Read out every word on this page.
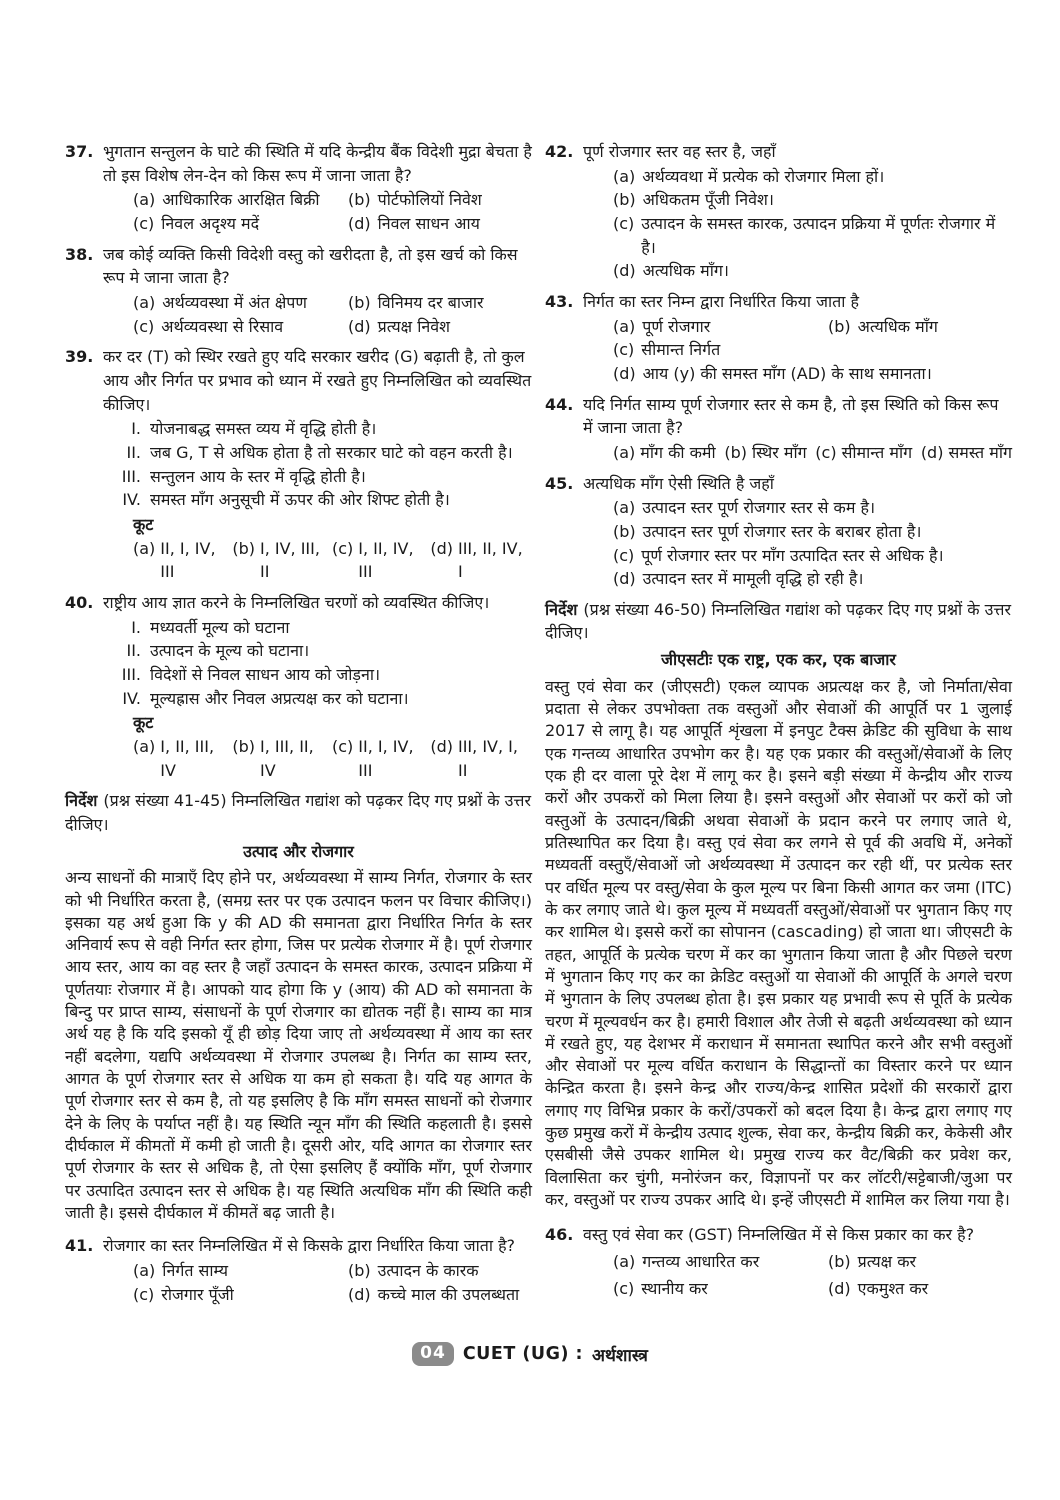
37. भुगतान सन्तुलन के घाटे की स्थिति में यदि केन्द्रीय बैंक विदेशी मुद्रा बेचता है तो इस विशेष लेन-देन को किस रूप में जाना जाता है?
(a) आधिकारिक आरक्षित बिक्री (b) पोर्टफोलियों निवेश
(c) निवल अदृश्य मदें	(d) निवल साधन आय
38. जब कोई व्यक्ति किसी विदेशी वस्तु को खरीदता है, तो इस खर्च को किस रूप मे जाना जाता है?
(a) अर्थव्यवस्था में अंत क्षेपण	(b) विनिमय दर बाजार
(c) अर्थव्यवस्था से रिसाव	(d) प्रत्यक्ष निवेश
39. कर दर (T) को स्थिर रखते हुए यदि सरकार खरीद (G) बढ़ाती है, तो कुल आय और निर्गत पर प्रभाव को ध्यान में रखते हुए निम्नलिखित को व्यवस्थित कीजिए।
I. योजनाबद्ध समस्त व्यय में वृद्धि होती है।
II. जब G, T से अधिक होता है तो सरकार घाटे को वहन करती है।
III. सन्तुलन आय के स्तर में वृद्धि होती है।
IV. समस्त माँग अनुसूची में ऊपर की ओर शिफ्ट होती है।
कूट
(a) II, I, IV, III
(b) I, IV, III, II
(c) I, II, IV, III
(d) III, II, IV, I
40. राष्ट्रीय आय ज्ञात करने के निम्नलिखित चरणों को व्यवस्थित कीजिए।
I. मध्यवर्ती मूल्य को घटाना
II. उत्पादन के मूल्य को घटाना।
III. विदेशों से निवल साधन आय को जोड़ना।
IV. मूल्यह्रास और निवल अप्रत्यक्ष कर को घटाना।
कूट
(a) I, II, III, IV
(b) I, III, II, IV
(c) II, I, IV, III
(d) III, IV, I, II

निर्देश (प्रश्न संख्या 41-45) निम्नलिखित गद्यांश को पढ़कर दिए गए प्रश्नों के उत्तर दीजिए।

उत्पाद और रोजगार
अन्य साधनों की मात्राएँ दिए होने पर, अर्थव्यवस्था में साम्य निर्गत, रोजगार के स्तर को भी निर्धारित करता है, (समग्र स्तर पर एक उत्पादन फलन पर विचार कीजिए।) इसका यह अर्थ हुआ कि y की AD की समानता द्वारा निर्धारित निर्गत के स्तर अनिवार्य रूप से वही निर्गत स्तर होगा, जिस पर प्रत्येक रोजगार में है। पूर्ण रोजगार आय स्तर, आय का वह स्तर है जहाँ उत्पादन के समस्त कारक, उत्पादन प्रक्रिया में पूर्णतयाः रोजगार में है। आपको याद होगा कि y (आय) की AD को समानता के बिन्दु पर प्राप्त साम्य, संसाधनों के पूर्ण रोजगार का द्योतक नहीं है। साम्य का मात्र अर्थ यह है कि यदि इसको यूँ ही छोड़ दिया जाए तो अर्थव्यवस्था में आय का स्तर नहीं बदलेगा, यद्यपि अर्थव्यवस्था में रोजगार उपलब्ध है। निर्गत का साम्य स्तर, आगत के पूर्ण रोजगार स्तर से अधिक या कम हो सकता है। यदि यह आगत के पूर्ण रोजगार स्तर से कम है, तो यह इसलिए है कि माँग समस्त साधनों को रोजगार देने के लिए के पर्याप्त नहीं है। यह स्थिति न्यून माँग की स्थिति कहलाती है। इससे दीर्घकाल में कीमतों में कमी हो जाती है। दूसरी ओर, यदि आगत का रोजगार स्तर पूर्ण रोजगार के स्तर से अधिक है, तो ऐसा इसलिए हैं क्योंकि माँग, पूर्ण रोजगार पर उत्पादित उत्पादन स्तर से अधिक है। यह स्थिति अत्यधिक माँग की स्थिति कही जाती है। इससे दीर्घकाल में कीमतें बढ़ जाती है।
41. रोजगार का स्तर निम्नलिखित में से किसके द्वारा निर्धारित किया जाता है?
(a) निर्गत साम्य	(b) उत्पादन के कारक
(c) रोजगार पूँजी	(d) कच्चे माल की उपलब्धता
42. पूर्ण रोजगार स्तर वह स्तर है, जहाँ
(a) अर्थव्यवथा में प्रत्येक को रोजगार मिला हों।
(b) अधिकतम पूँजी निवेश।
(c) उत्पादन के समस्त कारक, उत्पादन प्रक्रिया में पूर्णतः रोजगार में है।
(d) अत्यधिक माँग।
43. निर्गत का स्तर निम्न द्वारा निर्धारित किया जाता है
(a) पूर्ण रोजगार	(b) अत्यधिक माँग
(c) सीमान्त निर्गत
(d) आय (y) की समस्त माँग (AD) के साथ समानता।
44. यदि निर्गत साम्य पूर्ण रोजगार स्तर से कम है, तो इस स्थिति को किस रूप में जाना जाता है?
(a) माँग की कमी (b) स्थिर माँग (c) सीमान्त माँग (d) समस्त माँग
45. अत्यधिक माँग ऐसी स्थिति है जहाँ
(a) उत्पादन स्तर पूर्ण रोजगार स्तर से कम है।
(b) उत्पादन स्तर पूर्ण रोजगार स्तर के बराबर होता है।
(c) पूर्ण रोजगार स्तर पर माँग उत्पादित स्तर से अधिक है।
(d) उत्पादन स्तर में मामूली वृद्धि हो रही है।

निर्देश (प्रश्न संख्या 46-50) निम्नलिखित गद्यांश को पढ़कर दिए गए प्रश्नों के उत्तर दीजिए।

जीएसटीः एक राष्ट्र, एक कर, एक बाजार
वस्तु एवं सेवा कर (जीएसटी) एकल व्यापक अप्रत्यक्ष कर है, जो निर्माता/सेवा प्रदाता से लेकर उपभोक्ता तक वस्तुओं और सेवाओं की आपूर्ति पर 1 जुलाई 2017 से लागू है। यह आपूर्ति शृंखला में इनपुट टैक्स क्रेडिट की सुविधा के साथ एक गन्तव्य आधारित उपभोग कर है। यह एक प्रकार की वस्तुओं/सेवाओं के लिए एक ही दर वाला पूरे देश में लागू कर है। इसने बड़ी संख्या में केन्द्रीय और राज्य करों और उपकरों को मिला लिया है। इसने वस्तुओं और सेवाओं पर करों को जो वस्तुओं के उत्पादन/बिक्री अथवा सेवाओं के प्रदान करने पर लगाए जाते थे, प्रतिस्थापित कर दिया है। वस्तु एवं सेवा कर लगने से पूर्व की अवधि में, अनेकों मध्यवर्ती वस्तुएँ/सेवाओं जो अर्थव्यवस्था में उत्पादन कर रही थीं, पर प्रत्येक स्तर पर वर्धित मूल्य पर वस्तु/सेवा के कुल मूल्य पर बिना किसी आगत कर जमा (ITC) के कर लगाए जाते थे। कुल मूल्य में मध्यवर्ती वस्तुओं/सेवाओं पर भुगतान किए गए कर शामिल थे। इससे करों का सोपानन (cascading) हो जाता था। जीएसटी के तहत, आपूर्ति के प्रत्येक चरण में कर का भुगतान किया जाता है और पिछले चरण में भुगतान किए गए कर का क्रेडिट वस्तुओं या सेवाओं की आपूर्ति के अगले चरण में भुगतान के लिए उपलब्ध होता है। इस प्रकार यह प्रभावी रूप से पूर्ति के प्रत्येक चरण में मूल्यवर्धन कर है। हमारी विशाल और तेजी से बढ़ती अर्थव्यवस्था को ध्यान में रखते हुए, यह देशभर में कराधान में समानता स्थापित करने और सभी वस्तुओं और सेवाओं पर मूल्य वर्धित कराधान के सिद्धान्तों का विस्तार करने पर ध्यान केन्द्रित करता है। इसने केन्द्र और राज्य/केन्द्र शासित प्रदेशों की सरकारों द्वारा लगाए गए विभिन्न प्रकार के करों/उपकरों को बदल दिया है। केन्द्र द्वारा लगाए गए कुछ प्रमुख करों में केन्द्रीय उत्पाद शुल्क, सेवा कर, केन्द्रीय बिक्री कर, केकेसी और एसबीसी जैसे उपकर शामिल थे। प्रमुख राज्य कर वैट/बिक्री कर प्रवेश कर, विलासिता कर चुंगी, मनोरंजन कर, विज्ञापनों पर कर लॉटरी/सट्टेबाजी/जुआ पर कर, वस्तुओं पर राज्य उपकर आदि थे। इन्हें जीएसटी में शामिल कर लिया गया है।
46. वस्तु एवं सेवा कर (GST) निम्नलिखित में से किस प्रकार का कर है?
(a) गन्तव्य आधारित कर	(b) प्रत्यक्ष कर
(c) स्थानीय कर	(d) एकमुश्त कर
04 CUET (UG) : अर्थशास्त्र
